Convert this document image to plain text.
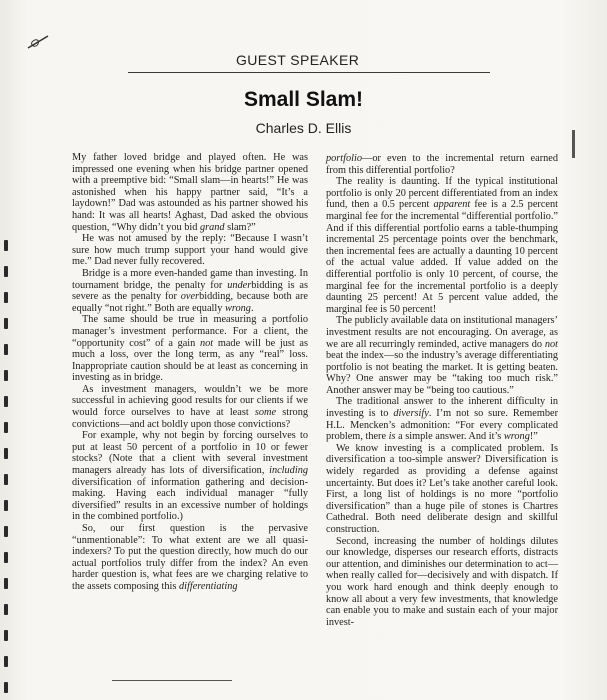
GUEST SPEAKER
Small Slam!
Charles D. Ellis

My father loved bridge and played often. He was impressed one evening when his bridge partner opened with a preemptive bid: “Small slam—in hearts!” He was astonished when his happy partner said, “It’s a laydown!” Dad was astounded as his partner showed his hand: It was all hearts! Aghast, Dad asked the obvious question, “Why didn’t you bid grand slam?”

He was not amused by the reply: “Because I wasn’t sure how much trump support your hand would give me.” Dad never fully recovered.

Bridge is a more even-handed game than investing. In tournament bridge, the penalty for underbidding is as severe as the penalty for overbidding, because both are equally “not right.” Both are equally wrong.

The same should be true in measuring a portfolio manager’s investment performance. For a client, the “opportunity cost” of a gain not made will be just as much a loss, over the long term, as any “real” loss. Inappropriate caution should be at least as concerning in investing as in bridge.

As investment managers, wouldn’t we be more successful in achieving good results for our clients if we would force ourselves to have at least some strong convictions—and act boldly upon those convictions?

For example, why not begin by forcing ourselves to put at least 50 percent of a portfolio in 10 or fewer stocks? (Note that a client with several investment managers already has lots of diversification, including diversification of information gathering and decision-making. Having each individual manager “fully diversified” results in an excessive number of holdings in the combined portfolio.)

So, our first question is the pervasive “unmentionable”: To what extent are we all quasi-indexers? To put the question directly, how much do our actual portfolios truly differ from the index? An even harder question is, what fees are we charging relative to the assets composing this differentiating

portfolio—or even to the incremental return earned from this differential portfolio?

The reality is daunting. If the typical institutional portfolio is only 20 percent differentiated from an index fund, then a 0.5 percent apparent fee is a 2.5 percent marginal fee for the incremental “differential portfolio.” And if this differential portfolio earns a table-thumping incremental 25 percentage points over the benchmark, then incremental fees are actually a daunting 10 percent of the actual value added. If value added on the differential portfolio is only 10 percent, of course, the marginal fee for the incremental portfolio is a deeply daunting 25 percent! At 5 percent value added, the marginal fee is 50 percent!

The publicly available data on institutional managers’ investment results are not encouraging. On average, as we are all recurringly reminded, active managers do not beat the index—so the industry’s average differentiating portfolio is not beating the market. It is getting beaten. Why? One answer may be “taking too much risk.” Another answer may be “being too cautious.”

The traditional answer to the inherent difficulty in investing is to diversify. I’m not so sure. Remember H.L. Mencken’s admonition: “For every complicated problem, there is a simple answer. And it’s wrong!”

We know investing is a complicated problem. Is diversification a too-simple answer? Diversification is widely regarded as providing a defense against uncertainty. But does it? Let’s take another careful look. First, a long list of holdings is no more “portfolio diversification” than a huge pile of stones is Chartres Cathedral. Both need deliberate design and skillful construction.

Second, increasing the number of holdings dilutes our knowledge, disperses our research efforts, distracts our attention, and diminishes our determination to act—when really called for—decisively and with dispatch. If you work hard enough and think deeply enough to know all about a very few investments, that knowledge can enable you to make and sustain each of your major invest-
